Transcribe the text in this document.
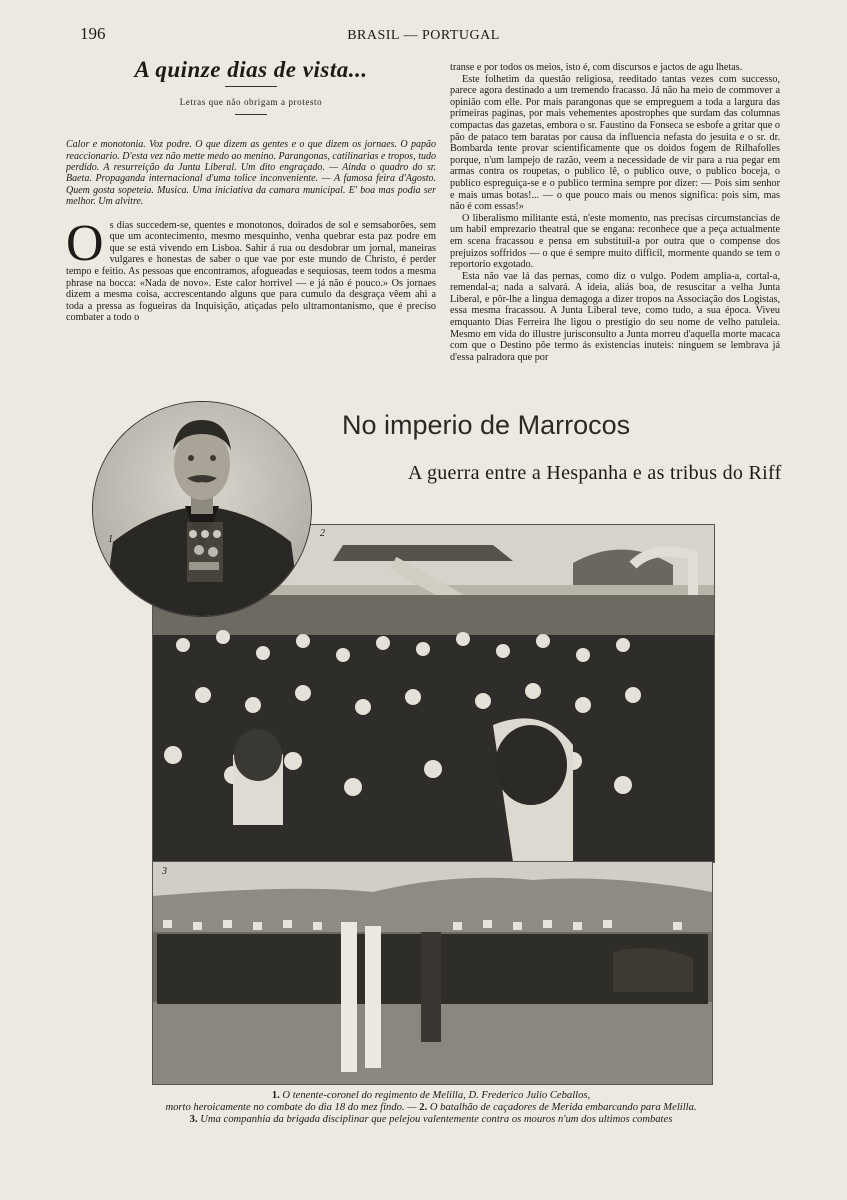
196	BRASIL — PORTUGAL
A quinze dias de vista...
Letras que não obrigam a protesto
Calor e monotonia. Voz podre. O que dizem as gentes e o que dizem os jornaes. O papão reaccionario. D'esta vez não mette medo ao menino. Parangonas, catilinarias e tropos, tudo perdido. A resurreição da Junta Liberal. Um dito engraçado. — Ainda o quadro do sr. Baeta. Propaganda internacional d'uma tolice inconveniente. — A famosa feira d'Agosto. Quem gosta sopeteia. Musica. Uma iniciativa da camara municipal. E' boa mas podia ser melhor. Um alvitre.

Os dias succedem-se, quentes e monotonos, doirados de sol e semsaborões, sem que um acontecimento, mesmo mesquinho, venha quebrar esta paz podre em que se está vivendo em Lisboa. Sahir á rua ou desdobrar um jornal, maneiras vulgares e honestas de saber o que vae por este mundo de Christo, é perder tempo e feitio. As pessoas que encontramos, afogueadas e sequiosas, teem todos a mesma phrase na bocca: «Nada de novo». Este calor horrivel — e já não é pouco.» Os jornaes dizem a mesma coisa, accrescentando alguns que para cumulo da desgraça vêem ahi a toda a pressa as fogueiras da Inquisição, atiçadas pelo ultramontanismo, que é preciso combater a todo o

transe e por todos os meios, isto é, com discursos e jactos de agu lhetas.

Este folhetim da questão religiosa, reeditado tantas vezes com successo, parece agora destinado a um tremendo fracasso. Já não ha meio de commover a opinião com elle. Por mais parangonas que se empreguem a toda a largura das primeiras paginas, por mais vehementes apostrophes que surdam das columnas compactas das gazetas, embora o sr. Faustino da Fonseca se esbofe a gritar que o pão de pataco tem baratas por causa da influencia nefasta do jesuita e o sr. dr. Bombarda tente provar scientificamente que os doidos fogem de Rilhafolles porque, n'um lampejo de razão, veem a necessidade de vir para a rua pegar em armas contra os roupetas, o publico lê, o publico ouve, o publico boceja, o publico espreguiça-se e o publico termina sempre por dizer: — Pois sim senhor e mais umas botas!... — o que pouco mais ou menos significa: pois sim, mas não é com essas!»

O liberalismo militante está, n'este momento, nas precisas circumstancias de um habil emprezario theatral que se engana: reconhece que a peça actualmente em scena fracassou e pensa em substituil-a por outra que o compense dos prejuizos soffridos — o que é sempre muito difficil, mormente quando se tem o reportorio exgotado.

Esta não vae lá das pernas, como diz o vulgo. Podem amplia-a, cortal-a, remendal-a; nada a salvará. A ideia, aliás boa, de resuscitar a velha Junta Liberal, e pôr-lhe a lingua demagoga a dizer tropos na Associação dos Logistas, essa mesma fracassou. A Junta Liberal teve, como tudo, a sua época. Viveu emquanto Dias Ferreira lhe ligou o prestigio do seu nome de velho patuleia. Mesmo em vida do illustre jurisconsulto a Junta morreu d'aquella morte macaca com que o Destino põe termo ás existencias inuteis: ninguem se lembrava já d'essa palradora que por

No imperio de Marrocos
A guerra entre a Hespanha e as tribus do Riff
1
2
3
1. O tenente-coronel do regimento de Melilla, D. Frederico Julio Ceballos,
morto heroicamente no combate do dia 18 do mez findo. — 2. O batalhão de caçadores de Merida embarcando para Melilla.
3. Uma companhia da brigada disciplinar que pelejou valentemente contra os mouros n'um dos ultimos combates
